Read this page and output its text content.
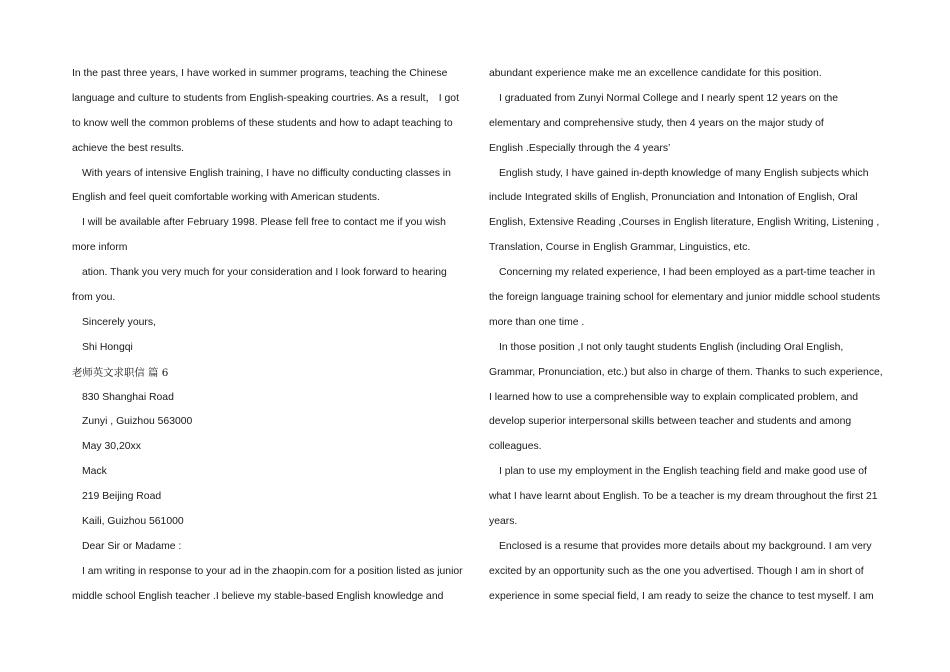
In the past three years, I have worked in summer programs, teaching the Chinese
language and culture to students from English-speaking courtries. As a result， I got
to know well the common problems of these students and how to adapt teaching to
achieve the best results.
With years of intensive English training, I have no difficulty conducting classes in
English and feel queit comfortable working with American students.
I will be available after February 1998. Please fell free to contact me if you wish
more inform
ation. Thank you very much for your consideration and I look forward to hearing
from you.
Sincerely yours,
Shi Hongqi
老师英文求职信 篇 6
830 Shanghai Road
Zunyi , Guizhou 563000
May 30,20xx
Mack
219 Beijing Road
Kaili, Guizhou 561000
Dear Sir or Madame :
I am writing in response to your ad in the zhaopin.com for a position listed as junior
middle school English teacher .I believe my stable-based English knowledge and
abundant experience make me an excellence candidate for this position.
I graduated from Zunyi Normal College and I nearly spent 12 years on the
elementary and comprehensive study, then 4 years on the major study of
English .Especially through the 4 years’
English study, I have gained in-depth knowledge of many English subjects which
include Integrated skills of English, Pronunciation and Intonation of English, Oral
English, Extensive Reading ,Courses in English literature, English Writing, Listening ,
Translation, Course in English Grammar, Linguistics, etc.
Concerning my related experience, I had been employed as a part-time teacher in
the foreign language training school for elementary and junior middle school students
more than one time .
In those position ,I not only taught students English (including Oral English,
Grammar, Pronunciation, etc.) but also in charge of them. Thanks to such experience,
I learned how to use a comprehensible way to explain complicated problem, and
develop superior interpersonal skills between teacher and students and among
colleagues.
I plan to use my employment in the English teaching field and make good use of
what I have learnt about English. To be a teacher is my dream throughout the first 21
years.
Enclosed is a resume that provides more details about my background. I am very
excited by an opportunity such as the one you advertised. Though I am in short of
experience in some special field, I am ready to seize the chance to test myself. I am
